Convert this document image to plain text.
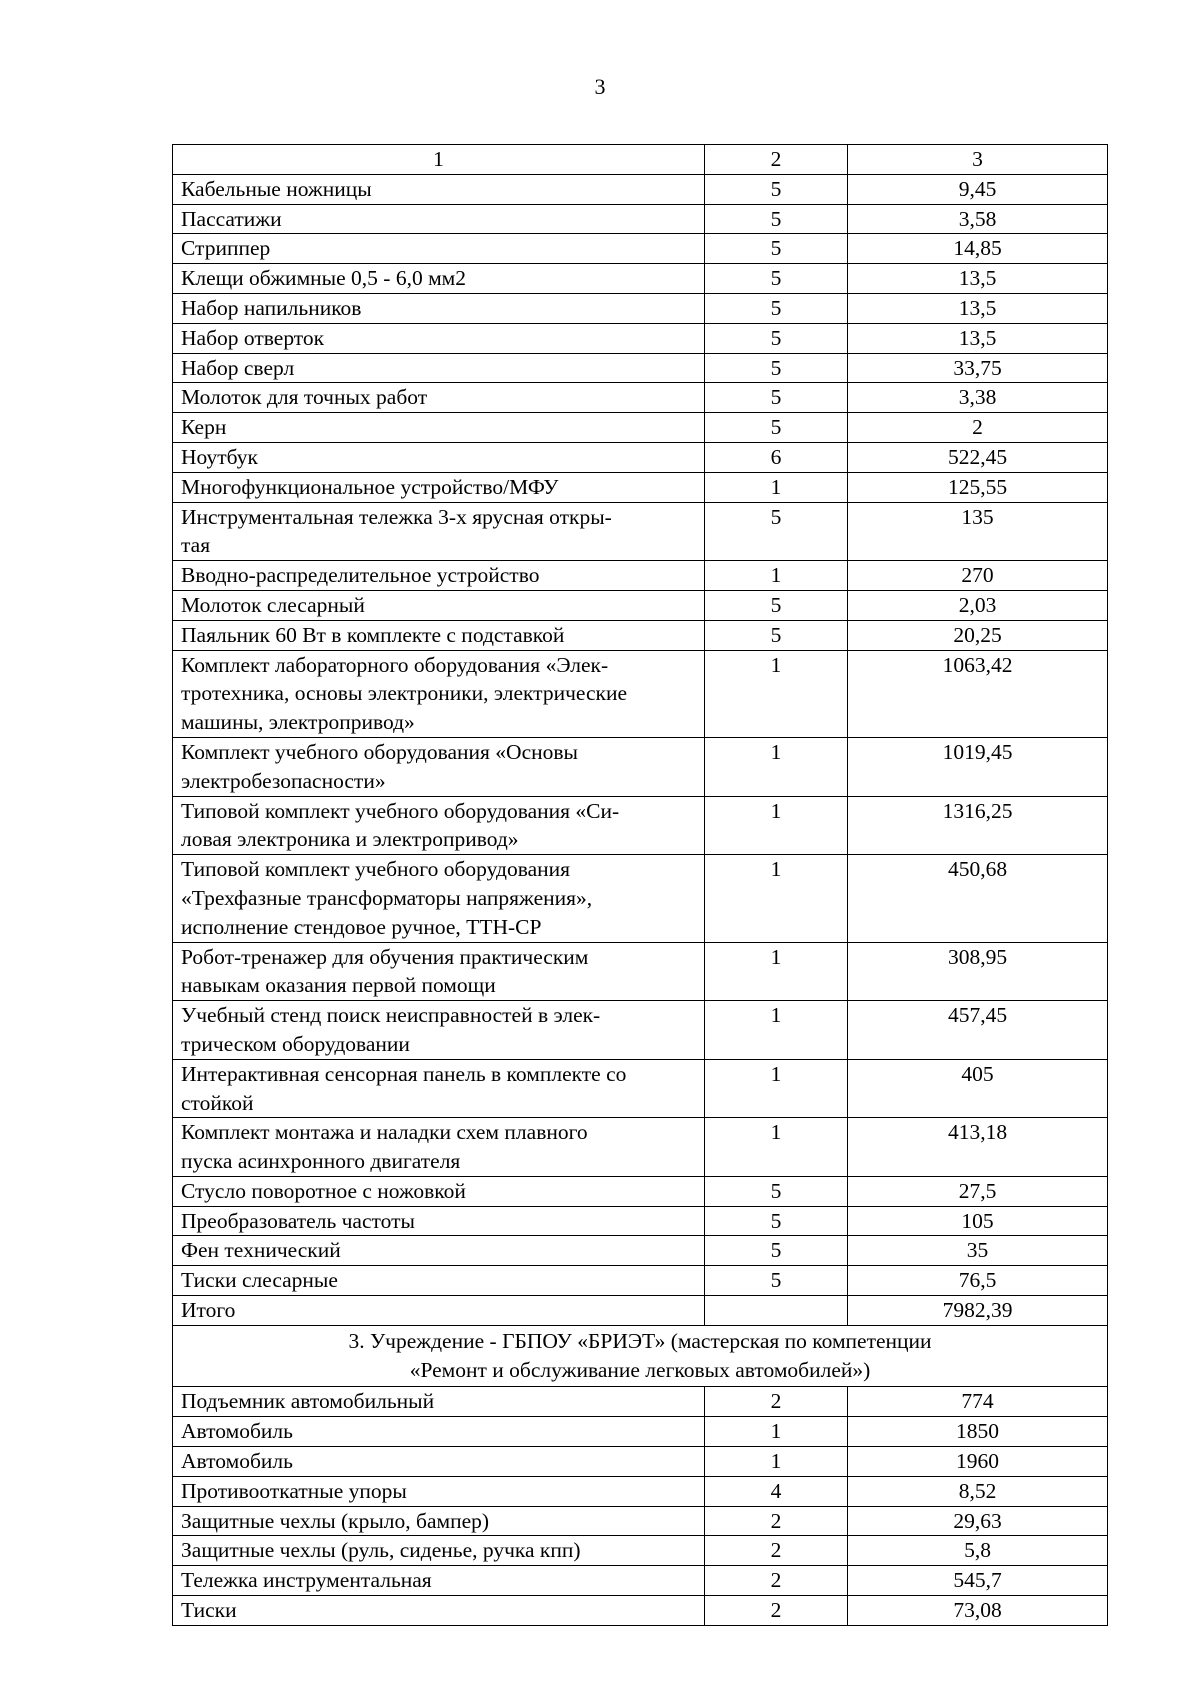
3
1	2	3
Кабельные ножницы	5	9,45
Пассатижи	5	3,58
Стриппер	5	14,85
Клещи обжимные 0,5 - 6,0 мм2	5	13,5
Набор напильников	5	13,5
Набор отверток	5	13,5
Набор сверл	5	33,75
Молоток для точных работ	5	3,38
Керн	5	2
Ноутбук	6	522,45
Многофункциональное устройство/МФУ	1	125,55
Инструментальная тележка 3-х ярусная откры-
тая	5	135
Вводно-распределительное устройство	1	270
Молоток слесарный	5	2,03
Паяльник 60 Вт в комплекте с подставкой	5	20,25
Комплект лабораторного оборудования «Элек-
тротехника, основы электроники, электрические
машины, электропривод»	1	1063,42
Комплект учебного оборудования «Основы
электробезопасности»	1	1019,45
Типовой комплект учебного оборудования «Си-
ловая электроника и электропривод»	1	1316,25
Типовой комплект учебного оборудования
«Трехфазные трансформаторы напряжения»,
исполнение стендовое ручное, ТТН-СР	1	450,68
Робот-тренажер для обучения практическим
навыкам оказания первой помощи	1	308,95
Учебный стенд поиск неисправностей в элек-
трическом оборудовании	1	457,45
Интерактивная сенсорная панель в комплекте со
стойкой	1	405
Комплект монтажа и наладки схем плавного
пуска асинхронного двигателя	1	413,18
Стусло поворотное с ножовкой	5	27,5
Преобразователь частоты	5	105
Фен технический	5	35
Тиски слесарные	5	76,5
Итого		7982,39

3. Учреждение - ГБПОУ «БРИЭТ» (мастерская по компетенции
«Ремонт и обслуживание легковых автомобилей»)		

Подъемник автомобильный	2	774
Автомобиль	1	1850
Автомобиль	1	1960
Противооткатные упоры	4	8,52
Защитные чехлы (крыло, бампер)	2	29,63
Защитные чехлы (руль, сиденье, ручка кпп)	2	5,8
Тележка инструментальная	2	545,7
Тиски	2	73,08
